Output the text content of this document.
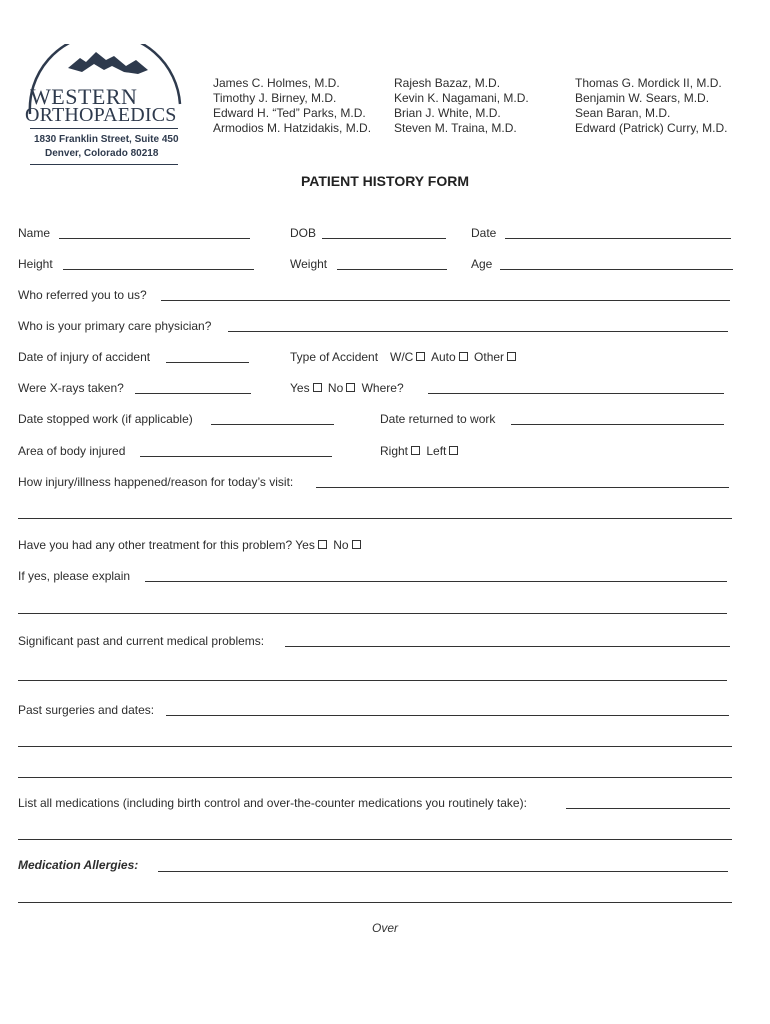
WESTERN
ORTHOPAEDICS
1830 Franklin Street, Suite 450
Denver, Colorado 80218
James C. Holmes, M.D.
Timothy J. Birney, M.D.
Edward H. “Ted” Parks, M.D.
Armodios M. Hatzidakis, M.D.
Rajesh Bazaz, M.D.
Kevin K. Nagamani, M.D.
Brian J. White, M.D.
Steven M. Traina, M.D.
Thomas G. Mordick II, M.D.
Benjamin W. Sears, M.D.
Sean Baran, M.D.
Edward (Patrick) Curry, M.D.
PATIENT HISTORY FORM
Name	DOB	Date
Height	Weight	Age
Who referred you to us?
Who is your primary care physician?
Date of injury of accident	Type of Accident W/C Auto Other
Were X-rays taken?	Yes No Where?
Date stopped work (if applicable)	Date returned to work
Area of body injured	Right Left
How injury/illness happened/reason for today’s visit:
Have you had any other treatment for this problem? Yes No
If yes, please explain
Significant past and current medical problems:
Past surgeries and dates:
List all medications (including birth control and over-the-counter medications you routinely take):
Medication Allergies:
Over
